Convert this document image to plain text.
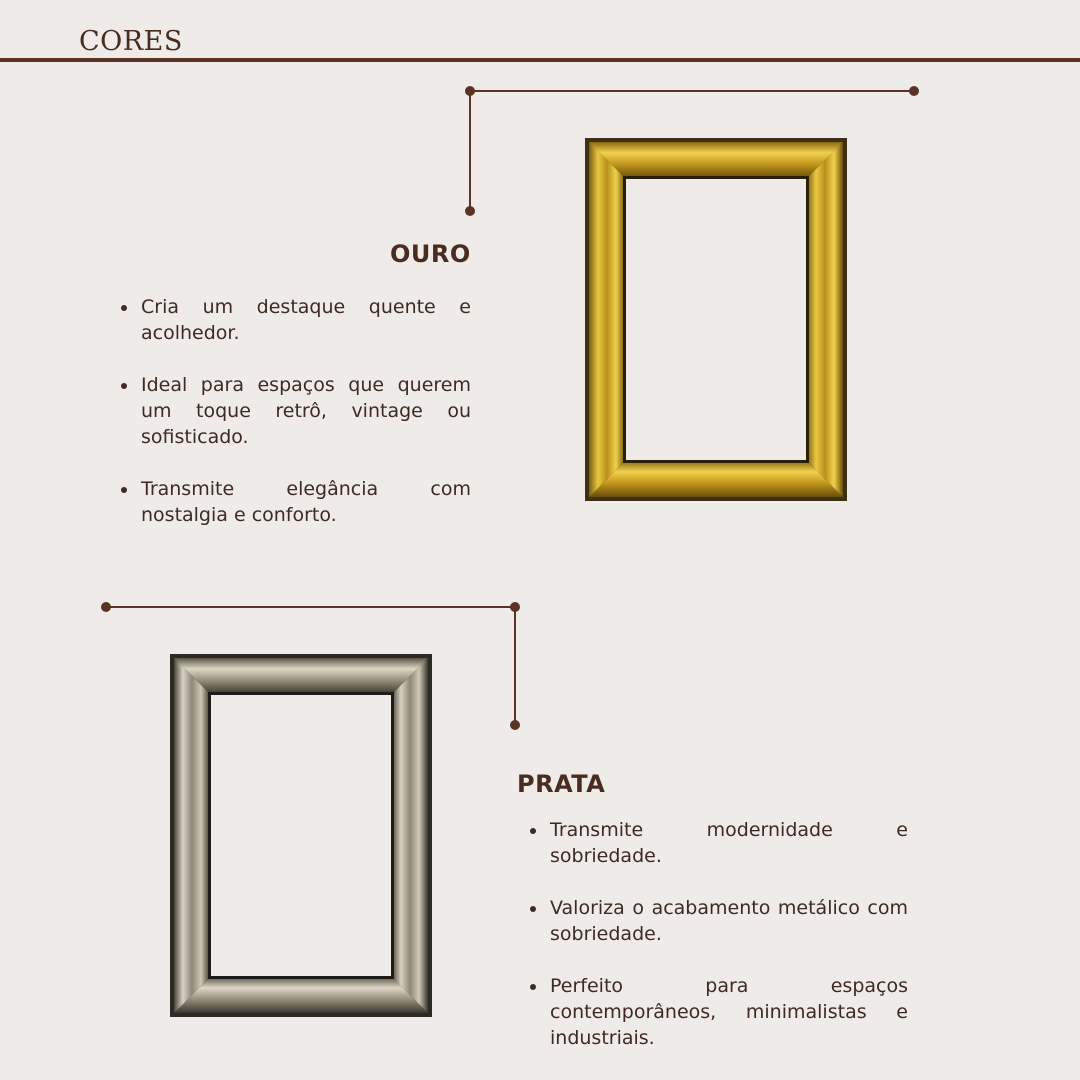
CORES
OURO
Cria um destaque quente e acolhedor.
Ideal para espaços que querem um toque retrô, vintage ou sofisticado.
Transmite elegância com nostalgia e conforto.
PRATA
Transmite modernidade e sobriedade.
Valoriza o acabamento metálico com sobriedade.
Perfeito para espaços contemporâneos, minimalistas e industriais.
